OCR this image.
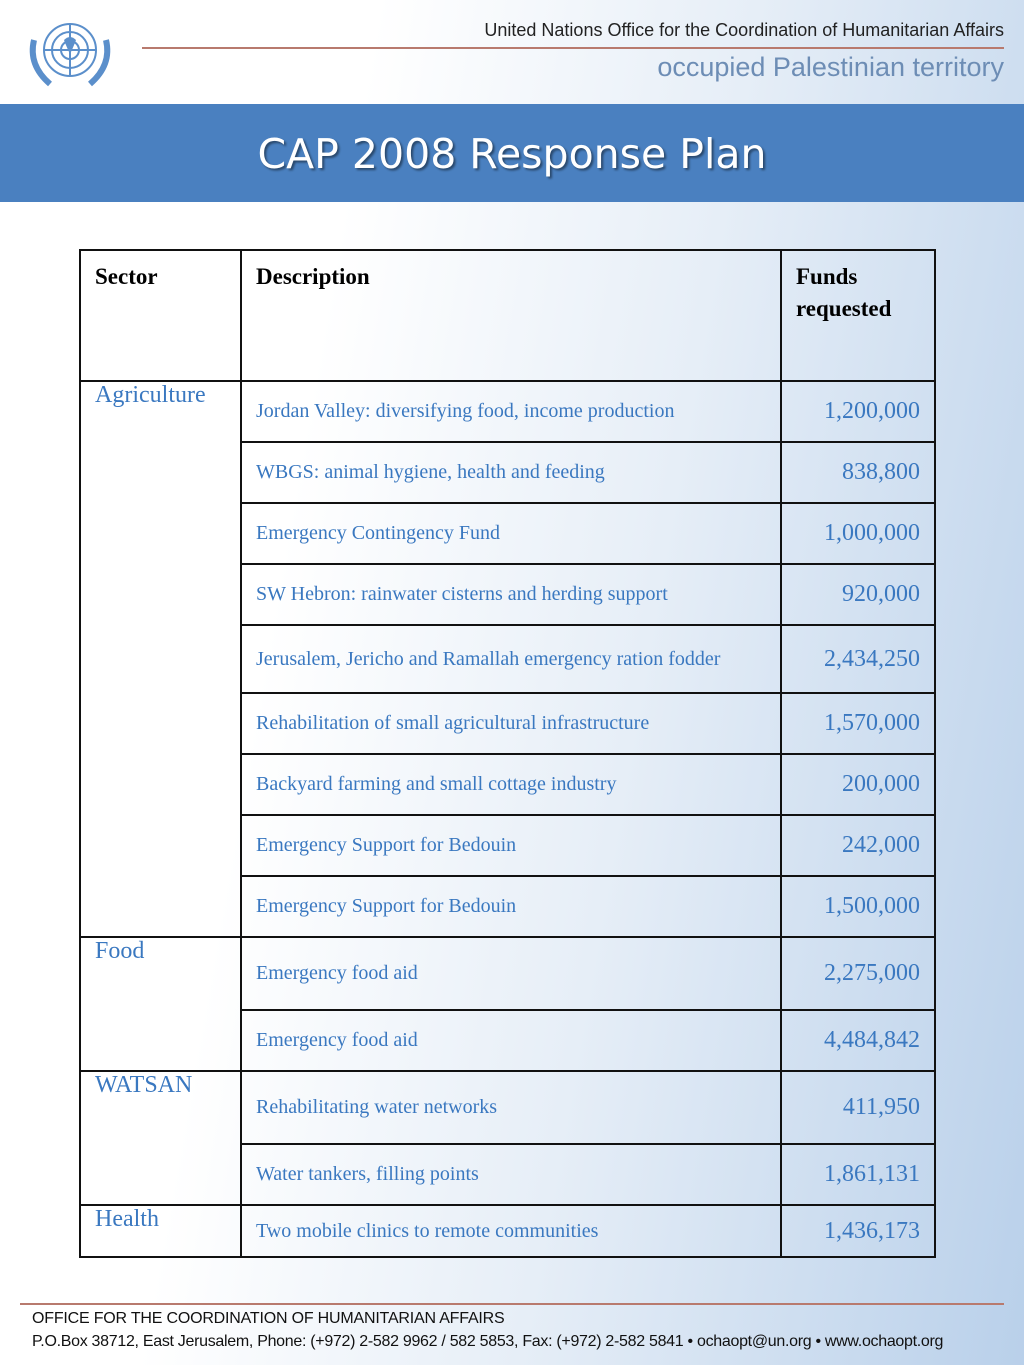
United Nations Office for the Coordination of Humanitarian Affairs
occupied Palestinian territory
CAP 2008 Response Plan
Sector	Description	Funds requested
Agriculture	Jordan Valley: diversifying food, income production	1,200,000
	WBGS: animal hygiene, health and feeding	838,800
	Emergency Contingency Fund	1,000,000
	SW Hebron: rainwater cisterns and herding support	920,000
	Jerusalem, Jericho and Ramallah emergency ration fodder	2,434,250
	Rehabilitation of small agricultural infrastructure	1,570,000
	Backyard farming and small cottage industry	200,000
	Emergency Support for Bedouin	242,000
	Emergency Support for Bedouin	1,500,000
Food	Emergency food aid	2,275,000
	Emergency food aid	4,484,842
WATSAN	Rehabilitating water networks	411,950
	Water tankers, filling points	1,861,131
Health	Two mobile clinics to remote communities	1,436,173
OFFICE FOR THE COORDINATION OF HUMANITARIAN AFFAIRS
P.O.Box 38712, East Jerusalem, Phone: (+972) 2-582 9962 / 582 5853, Fax: (+972) 2-582 5841 • ochaopt@un.org • www.ochaopt.org
